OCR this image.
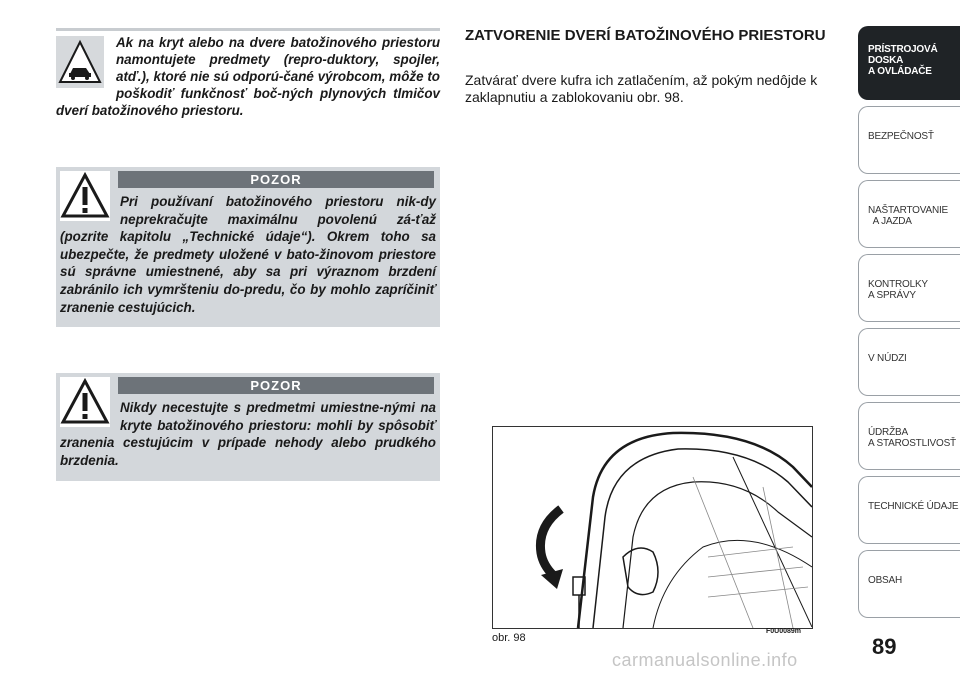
Ak na kryt alebo na dvere batožinového priestoru namontujete predmety (repro-duktory, spojler, atď.), ktoré nie sú odporú-čané výrobcom, môže to poškodiť funkčnosť boč-ných plynových tlmičov dverí batožinového priestoru.
POZOR
Pri používaní batožinového priestoru nik-dy neprekračujte maximálnu povolenú zá-ťaž (pozrite kapitolu „Technické údaje“). Okrem toho sa ubezpečte, že predmety uložené v bato-žinovom priestore sú správne umiestnené, aby sa pri výraznom brzdení zabránilo ich vymršteniu do-predu, čo by mohlo zapríčiniť zranenie cestujúcich.
POZOR
Nikdy necestujte s predmetmi umiestne-nými na kryte batožinového priestoru: mohli by spôsobiť zranenia cestujúcim v prípade nehody alebo prudkého brzdenia.
ZATVORENIE DVERÍ BATOŽINOVÉHO PRIESTORU
Zatvárať dvere kufra ich zatlačením, až pokým nedôjde k zaklapnutiu a zablokovaniu obr. 98.
obr. 98
F0U0089m
PRÍSTROJOVÁ
DOSKA
A OVLÁDAČE
BEZPEČNOSŤ
NAŠTARTOVANIE
A JAZDA
KONTROLKY
A SPRÁVY
V NÚDZI
ÚDRŽBA
A STAROSTLIVOSŤ
TECHNICKÉ ÚDAJE
OBSAH
89
carmanualsonline.info
